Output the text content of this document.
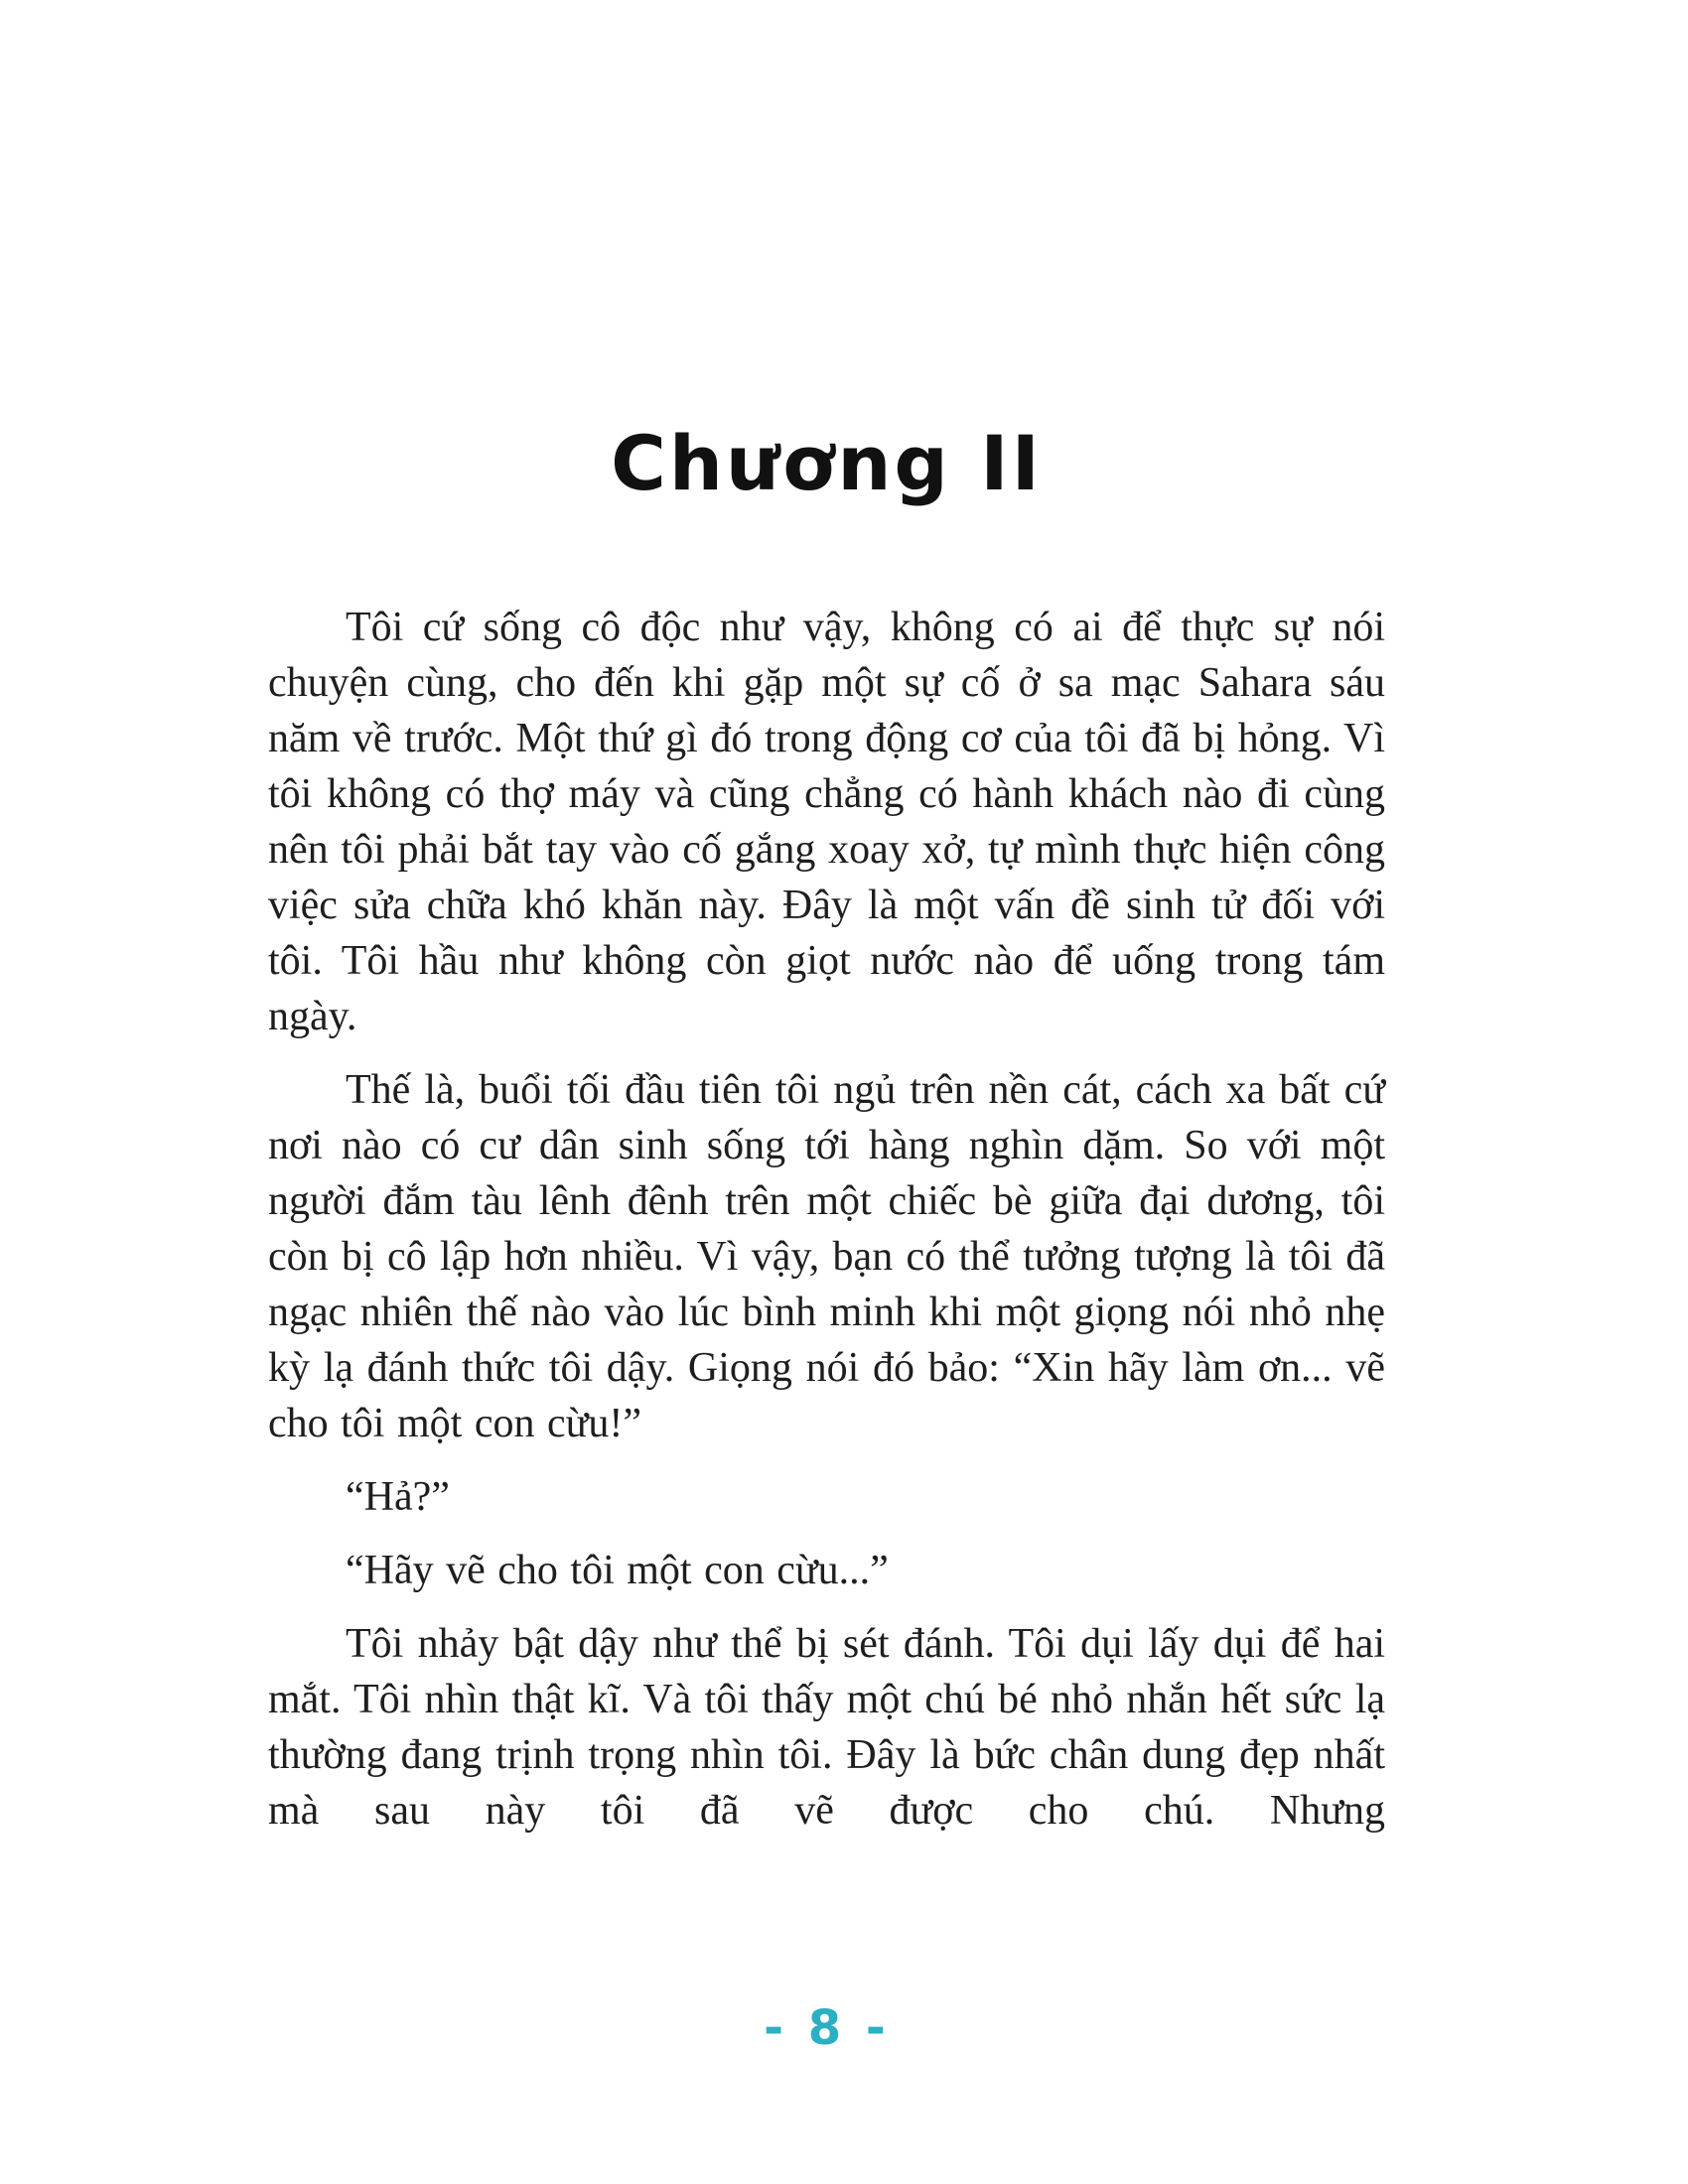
Chương II

Tôi cứ sống cô độc như vậy, không có ai để thực sự nói chuyện cùng, cho đến khi gặp một sự cố ở sa mạc Sahara sáu năm về trước. Một thứ gì đó trong động cơ của tôi đã bị hỏng. Vì tôi không có thợ máy và cũng chẳng có hành khách nào đi cùng nên tôi phải bắt tay vào cố gắng xoay xở, tự mình thực hiện công việc sửa chữa khó khăn này. Đây là một vấn đề sinh tử đối với tôi. Tôi hầu như không còn giọt nước nào để uống trong tám ngày.

Thế là, buổi tối đầu tiên tôi ngủ trên nền cát, cách xa bất cứ nơi nào có cư dân sinh sống tới hàng nghìn dặm. So với một người đắm tàu lênh đênh trên một chiếc bè giữa đại dương, tôi còn bị cô lập hơn nhiều. Vì vậy, bạn có thể tưởng tượng là tôi đã ngạc nhiên thế nào vào lúc bình minh khi một giọng nói nhỏ nhẹ kỳ lạ đánh thức tôi dậy. Giọng nói đó bảo: “Xin hãy làm ơn... vẽ cho tôi một con cừu!”

“Hả?”

“Hãy vẽ cho tôi một con cừu...”

Tôi nhảy bật dậy như thể bị sét đánh. Tôi dụi lấy dụi để hai mắt. Tôi nhìn thật kĩ. Và tôi thấy một chú bé nhỏ nhắn hết sức lạ thường đang trịnh trọng nhìn tôi. Đây là bức chân dung đẹp nhất mà sau này tôi đã vẽ được cho chú. Nhưng

- 8 -
